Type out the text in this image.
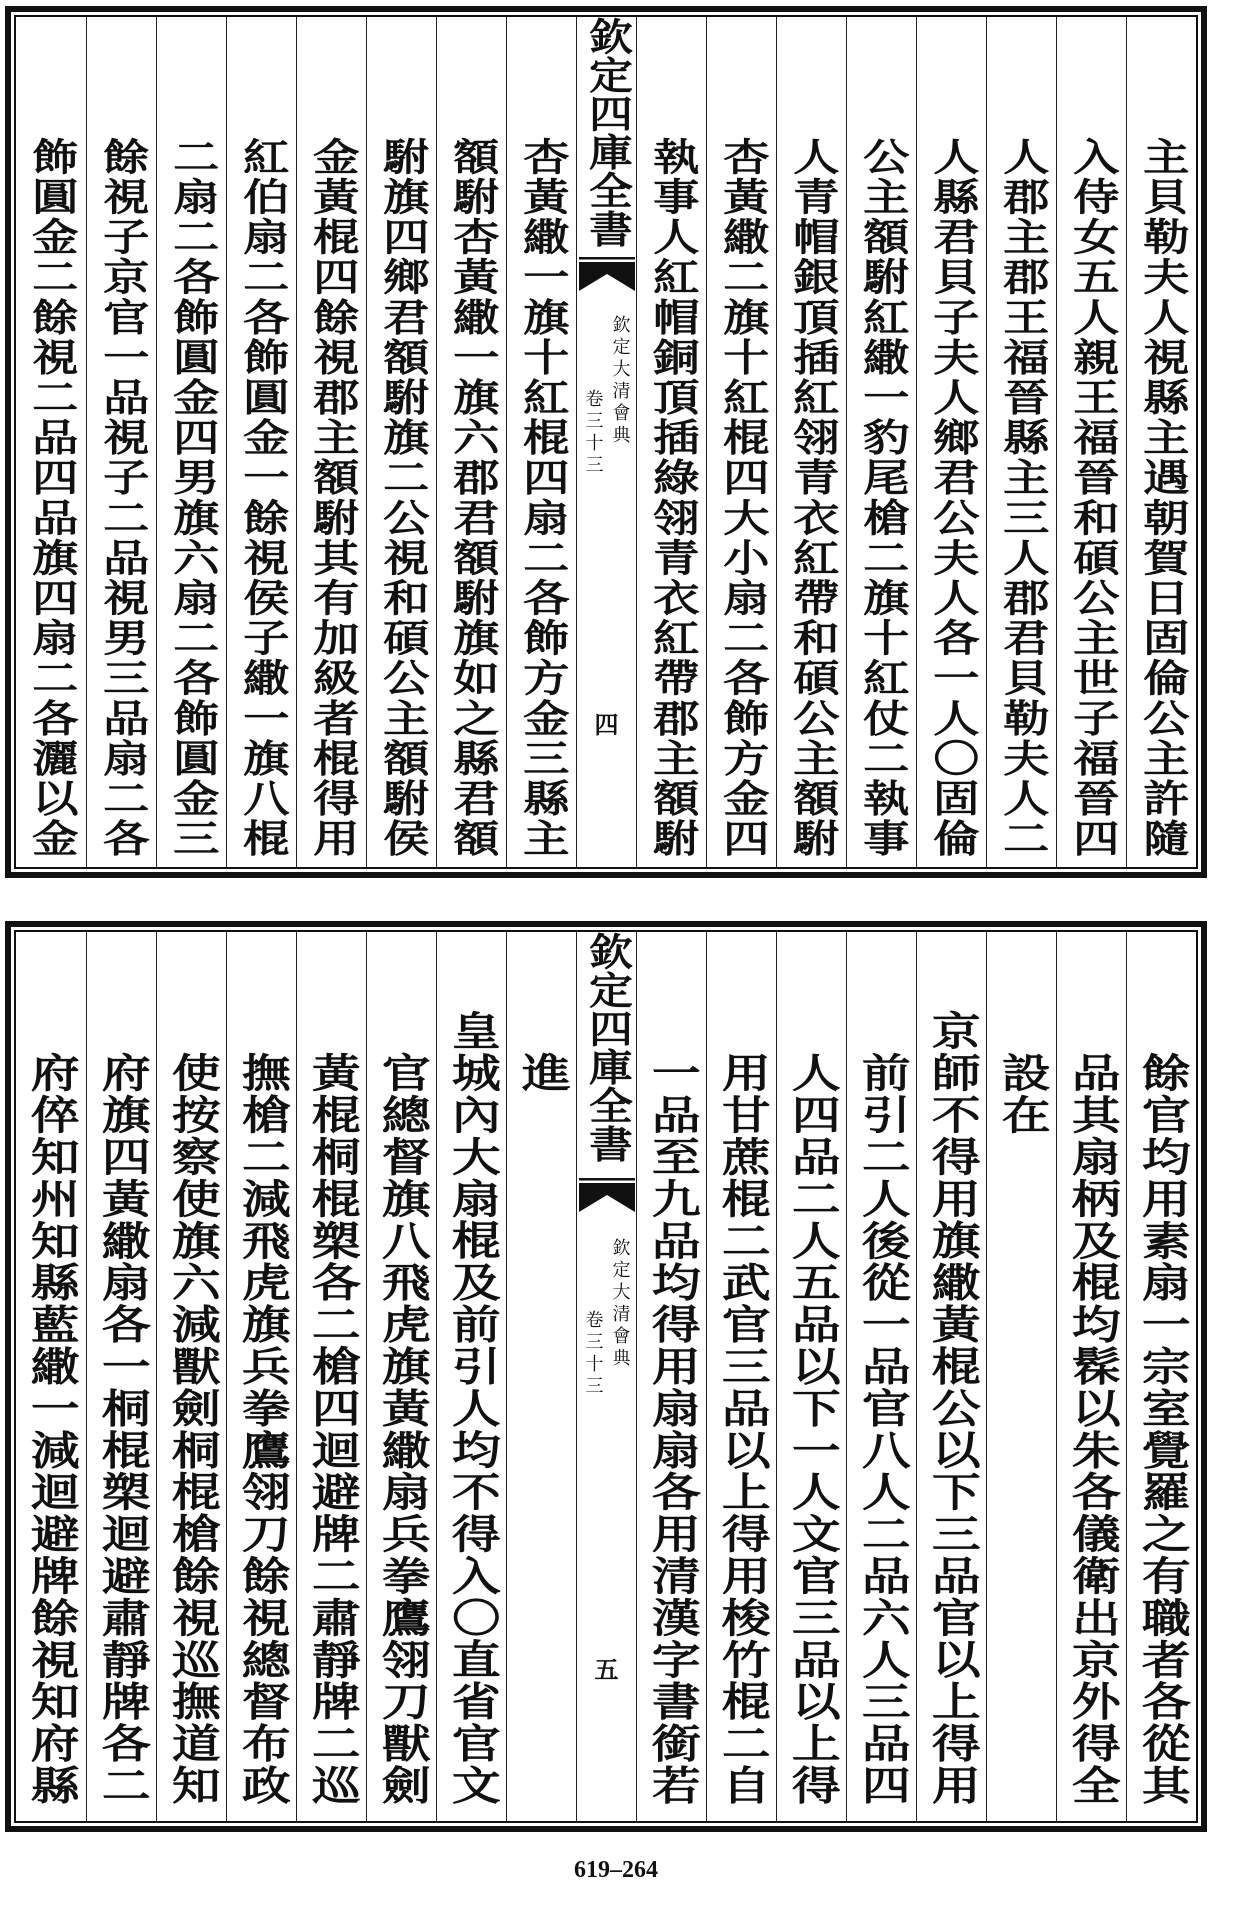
主貝勒夫人視縣主遇朝賀日固倫公主許隨
入侍女五人親王福晉和碩公主世子福晉四
人郡主郡王福晉縣主三人郡君貝勒夫人二
人縣君貝子夫人鄉君公夫人各一人〇固倫
公主額駙紅繖一豹尾槍二旗十紅仗二執事
人青帽銀頂插紅翎青衣紅帶和碩公主額駙
杏黃繖二旗十紅棍四大小扇二各飾方金四
執事人紅帽銅頂插綠翎青衣紅帶郡主額駙
欽定四庫全書
欽定大清會典
卷三十三
四
杏黃繖一旗十紅棍四扇二各飾方金三縣主
額駙杏黃繖一旗六郡君額駙旗如之縣君額
駙旗四鄉君額駙旗二公視和碩公主額駙侯
金黃棍四餘視郡主額駙其有加級者棍得用
紅伯扇二各飾圓金一餘視侯子繖一旗八棍
二扇二各飾圓金四男旗六扇二各飾圓金三
餘視子京官一品視子二品視男三品扇二各
飾圓金二餘視二品四品旗四扇二各灑以金
餘官均用素扇一宗室覺羅之有職者各從其
品其扇柄及棍均髹以朱各儀衛出京外得全
設在
京師不得用旗繖黃棍公以下三品官以上得用
前引二人後從一品官八人二品六人三品四
人四品二人五品以下一人文官三品以上得
用甘蔗棍二武官三品以上得用梭竹棍二自
一品至九品均得用扇扇各用清漢字書銜若
欽定四庫全書
欽定大清會典
卷三十三
五
進
皇城內大扇棍及前引人均不得入〇直省官文
官總督旗八飛虎旗黃繖扇兵拳鷹翎刀獸劍
黃棍桐棍槊各二槍四迴避牌二肅靜牌二巡
撫槍二減飛虎旗兵拳鷹翎刀餘視總督布政
使按察使旗六減獸劍桐棍槍餘視巡撫道知
府旗四黃繖扇各一桐棍槊迴避肅靜牌各二
府倅知州知縣藍繖一減迴避牌餘視知府縣
619–264
